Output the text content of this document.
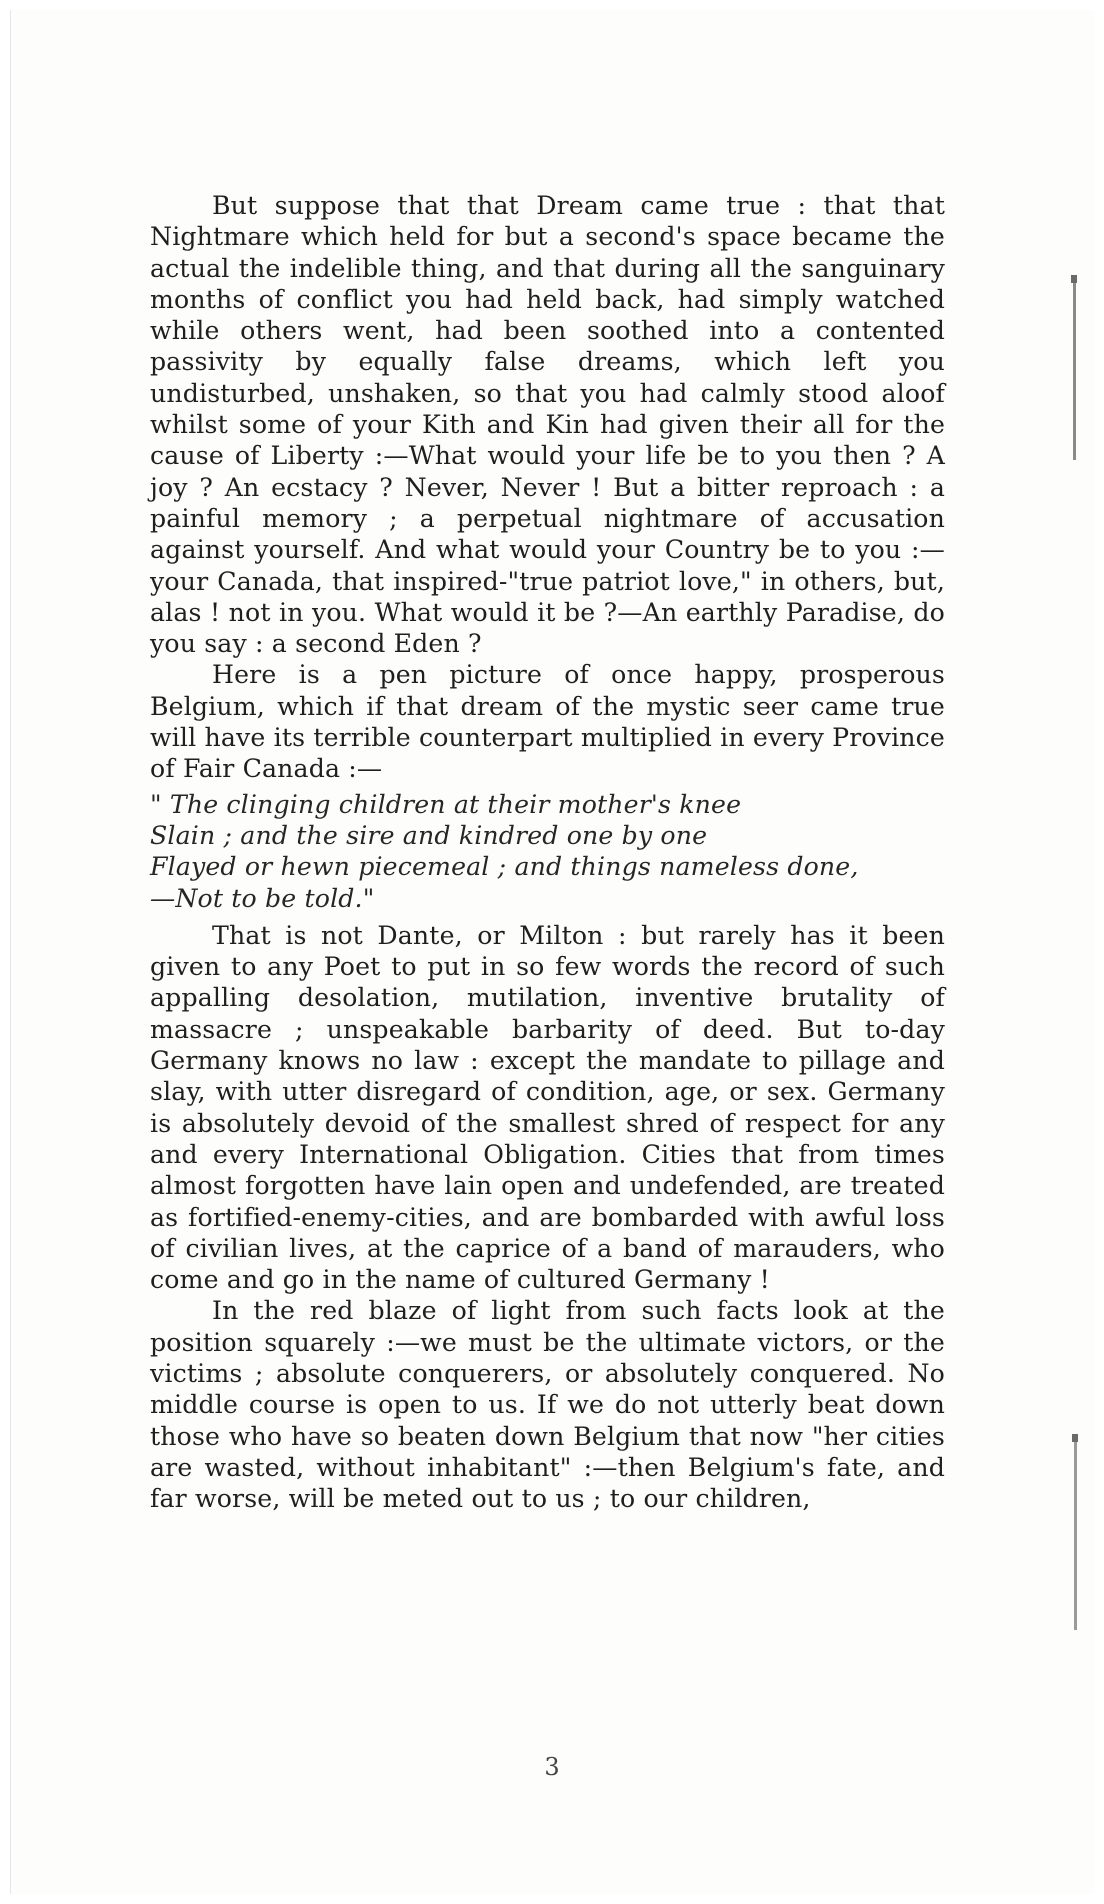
But suppose that that Dream came true : that that Nightmare which held for but a second's space became the actual the indelible thing, and that during all the sanguinary months of conflict you had held back, had simply watched while others went, had been soothed into a contented passivity by equally false dreams, which left you undisturbed, unshaken, so that you had calmly stood aloof whilst some of your Kith and Kin had given their all for the cause of Liberty :—What would your life be to you then ? A joy ? An ecstacy ? Never, Never ! But a bitter reproach : a painful memory ; a perpetual nightmare of accusation against yourself. And what would your Country be to you :—your Canada, that inspired-"true patriot love," in others, but, alas ! not in you. What would it be ?—An earthly Paradise, do you say : a second Eden ?

Here is a pen picture of once happy, prosperous Belgium, which if that dream of the mystic seer came true will have its terrible counterpart multiplied in every Province of Fair Canada :—

" The clinging children at their mother's knee
Slain ; and the sire and kindred one by one
Flayed or hewn piecemeal ; and things nameless done,
—Not to be told."

That is not Dante, or Milton : but rarely has it been given to any Poet to put in so few words the record of such appalling desolation, mutilation, inventive brutality of massacre ; unspeakable barbarity of deed. But to-day Germany knows no law : except the mandate to pillage and slay, with utter disregard of condition, age, or sex. Germany is absolutely devoid of the smallest shred of respect for any and every International Obligation. Cities that from times almost forgotten have lain open and undefended, are treated as fortified-enemy-cities, and are bombarded with awful loss of civilian lives, at the caprice of a band of marauders, who come and go in the name of cultured Germany !

In the red blaze of light from such facts look at the position squarely :—we must be the ultimate victors, or the victims ; absolute conquerers, or absolutely conquered. No middle course is open to us. If we do not utterly beat down those who have so beaten down Belgium that now "her cities are wasted, without inhabitant" :—then Belgium's fate, and far worse, will be meted out to us ; to our children,

3
